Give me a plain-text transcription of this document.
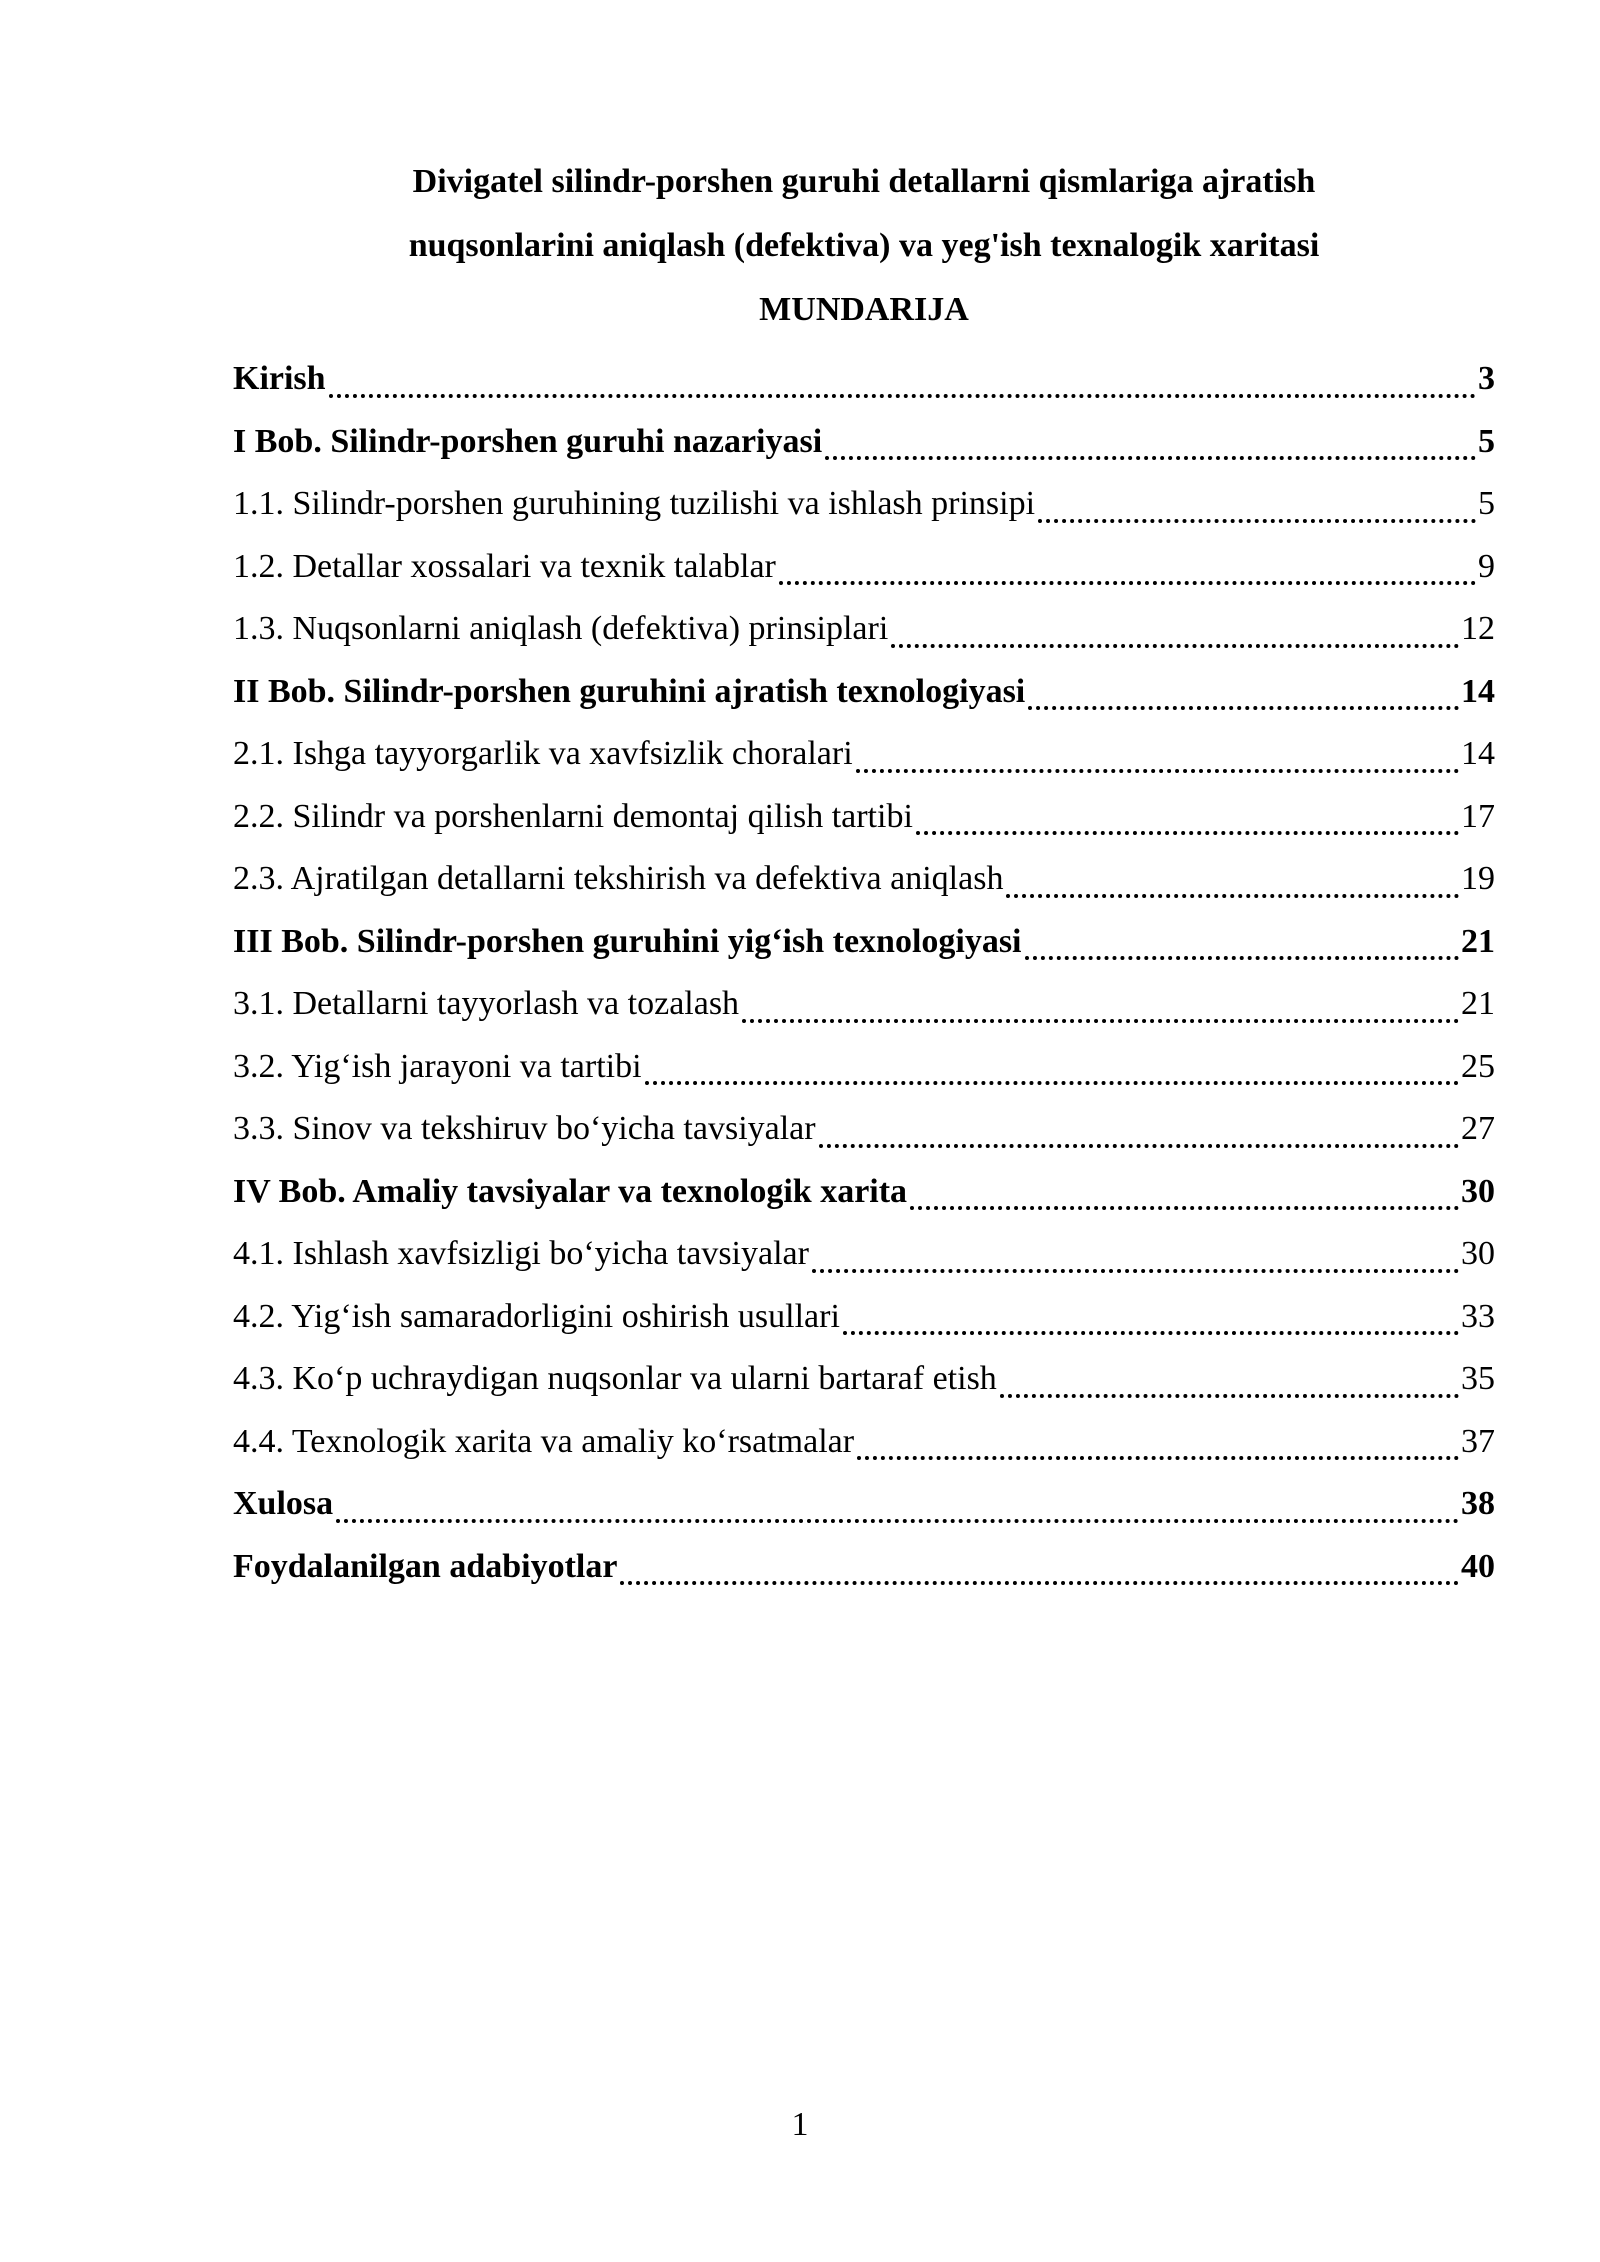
Divigatel silindr-porshen guruhi detallarni qismlariga ajratish
nuqsonlarini aniqlash (defektiva) va yeg'ish texnalogik xaritasi
MUNDARIJA
Kirish	3
I Bob. Silindr-porshen guruhi nazariyasi	5
1.1. Silindr-porshen guruhining tuzilishi va ishlash prinsipi	5
1.2. Detallar xossalari va texnik talablar	9
1.3. Nuqsonlarni aniqlash (defektiva) prinsiplari	12
II Bob. Silindr-porshen guruhini ajratish texnologiyasi	14
2.1. Ishga tayyorgarlik va xavfsizlik choralari	14
2.2. Silindr va porshenlarni demontaj qilish tartibi	17
2.3. Ajratilgan detallarni tekshirish va defektiva aniqlash	19
III Bob. Silindr-porshen guruhini yig‘ish texnologiyasi	21
3.1. Detallarni tayyorlash va tozalash	21
3.2. Yig‘ish jarayoni va tartibi	25
3.3. Sinov va tekshiruv bo‘yicha tavsiyalar	27
IV Bob. Amaliy tavsiyalar va texnologik xarita	30
4.1. Ishlash xavfsizligi bo‘yicha tavsiyalar	30
4.2. Yig‘ish samaradorligini oshirish usullari	33
4.3. Ko‘p uchraydigan nuqsonlar va ularni bartaraf etish	35
4.4. Texnologik xarita va amaliy ko‘rsatmalar	37
Xulosa	38
Foydalanilgan adabiyotlar	40
1
